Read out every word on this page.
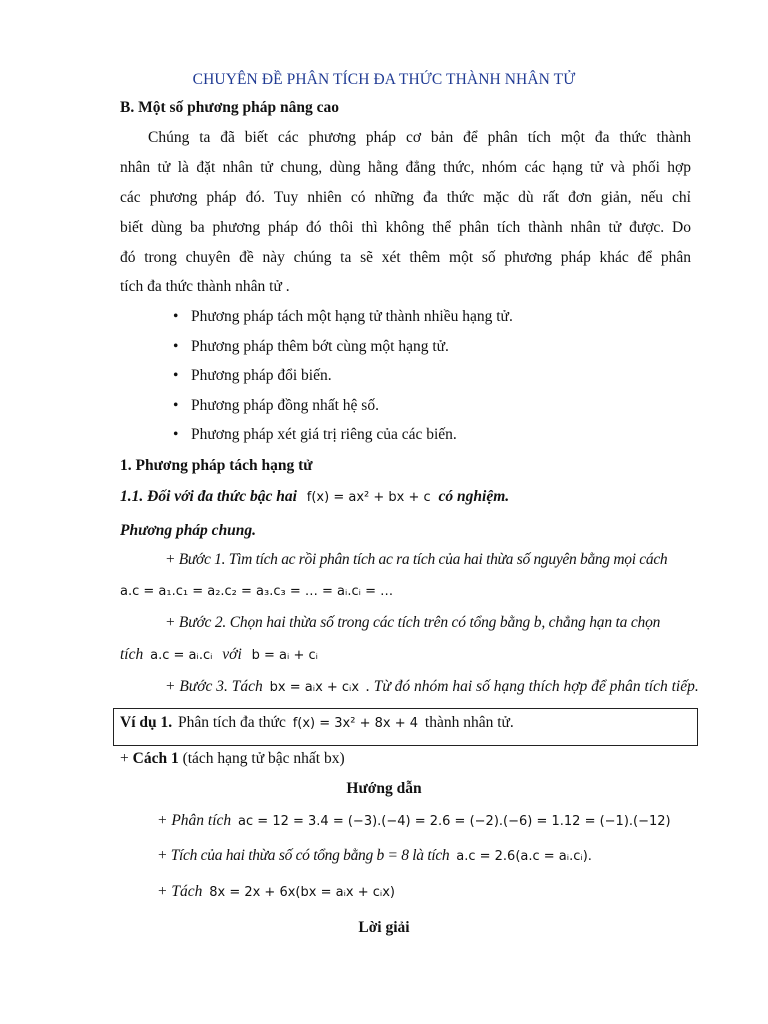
CHUYÊN ĐỀ PHÂN TÍCH ĐA THỨC THÀNH NHÂN TỬ
B. Một số phương pháp nâng cao
Chúng ta đã biết các phương pháp cơ bản để phân tích một đa thức thành
nhân tử là đặt nhân tử chung, dùng hằng đẳng thức, nhóm các hạng tử và phối hợp
các phương pháp đó. Tuy nhiên có những đa thức mặc dù rất đơn giản, nếu chỉ
biết dùng ba phương pháp đó thôi thì không thể phân tích thành nhân tử được. Do
đó trong chuyên đề này chúng ta sẽ xét thêm một số phương pháp khác để phân
tích đa thức thành nhân tử .
• Phương pháp tách một hạng tử thành nhiều hạng tử.
• Phương pháp thêm bớt cùng một hạng tử.
• Phương pháp đổi biến.
• Phương pháp đồng nhất hệ số.
• Phương pháp xét giá trị riêng của các biến.
1. Phương pháp tách hạng tử
1.1. Đối với đa thức bậc hai f(x) = ax² + bx + c có nghiệm.
Phương pháp chung.
+ Bước 1. Tìm tích ac rồi phân tích ac ra tích của hai thừa số nguyên bằng mọi cách
a.c = a₁.c₁ = a₂.c₂ = a₃.c₃ = … = aᵢ.cᵢ = …
+ Bước 2. Chọn hai thừa số trong các tích trên có tổng bằng b, chẳng hạn ta chọn
tích a.c = aᵢ.cᵢ với b = aᵢ + cᵢ
+ Bước 3. Tách bx = aᵢx + cᵢx . Từ đó nhóm hai số hạng thích hợp để phân tích tiếp.
Ví dụ 1. Phân tích đa thức f(x) = 3x² + 8x + 4 thành nhân tử.
+ Cách 1 (tách hạng tử bậc nhất bx)
Hướng dẫn
+ Phân tích ac = 12 = 3.4 = (−3).(−4) = 2.6 = (−2).(−6) = 1.12 = (−1).(−12)
+ Tích của hai thừa số có tổng bằng b = 8 là tích a.c = 2.6(a.c = aᵢ.cᵢ).
+ Tách 8x = 2x + 6x(bx = aᵢx + cᵢx)
Lời giải
